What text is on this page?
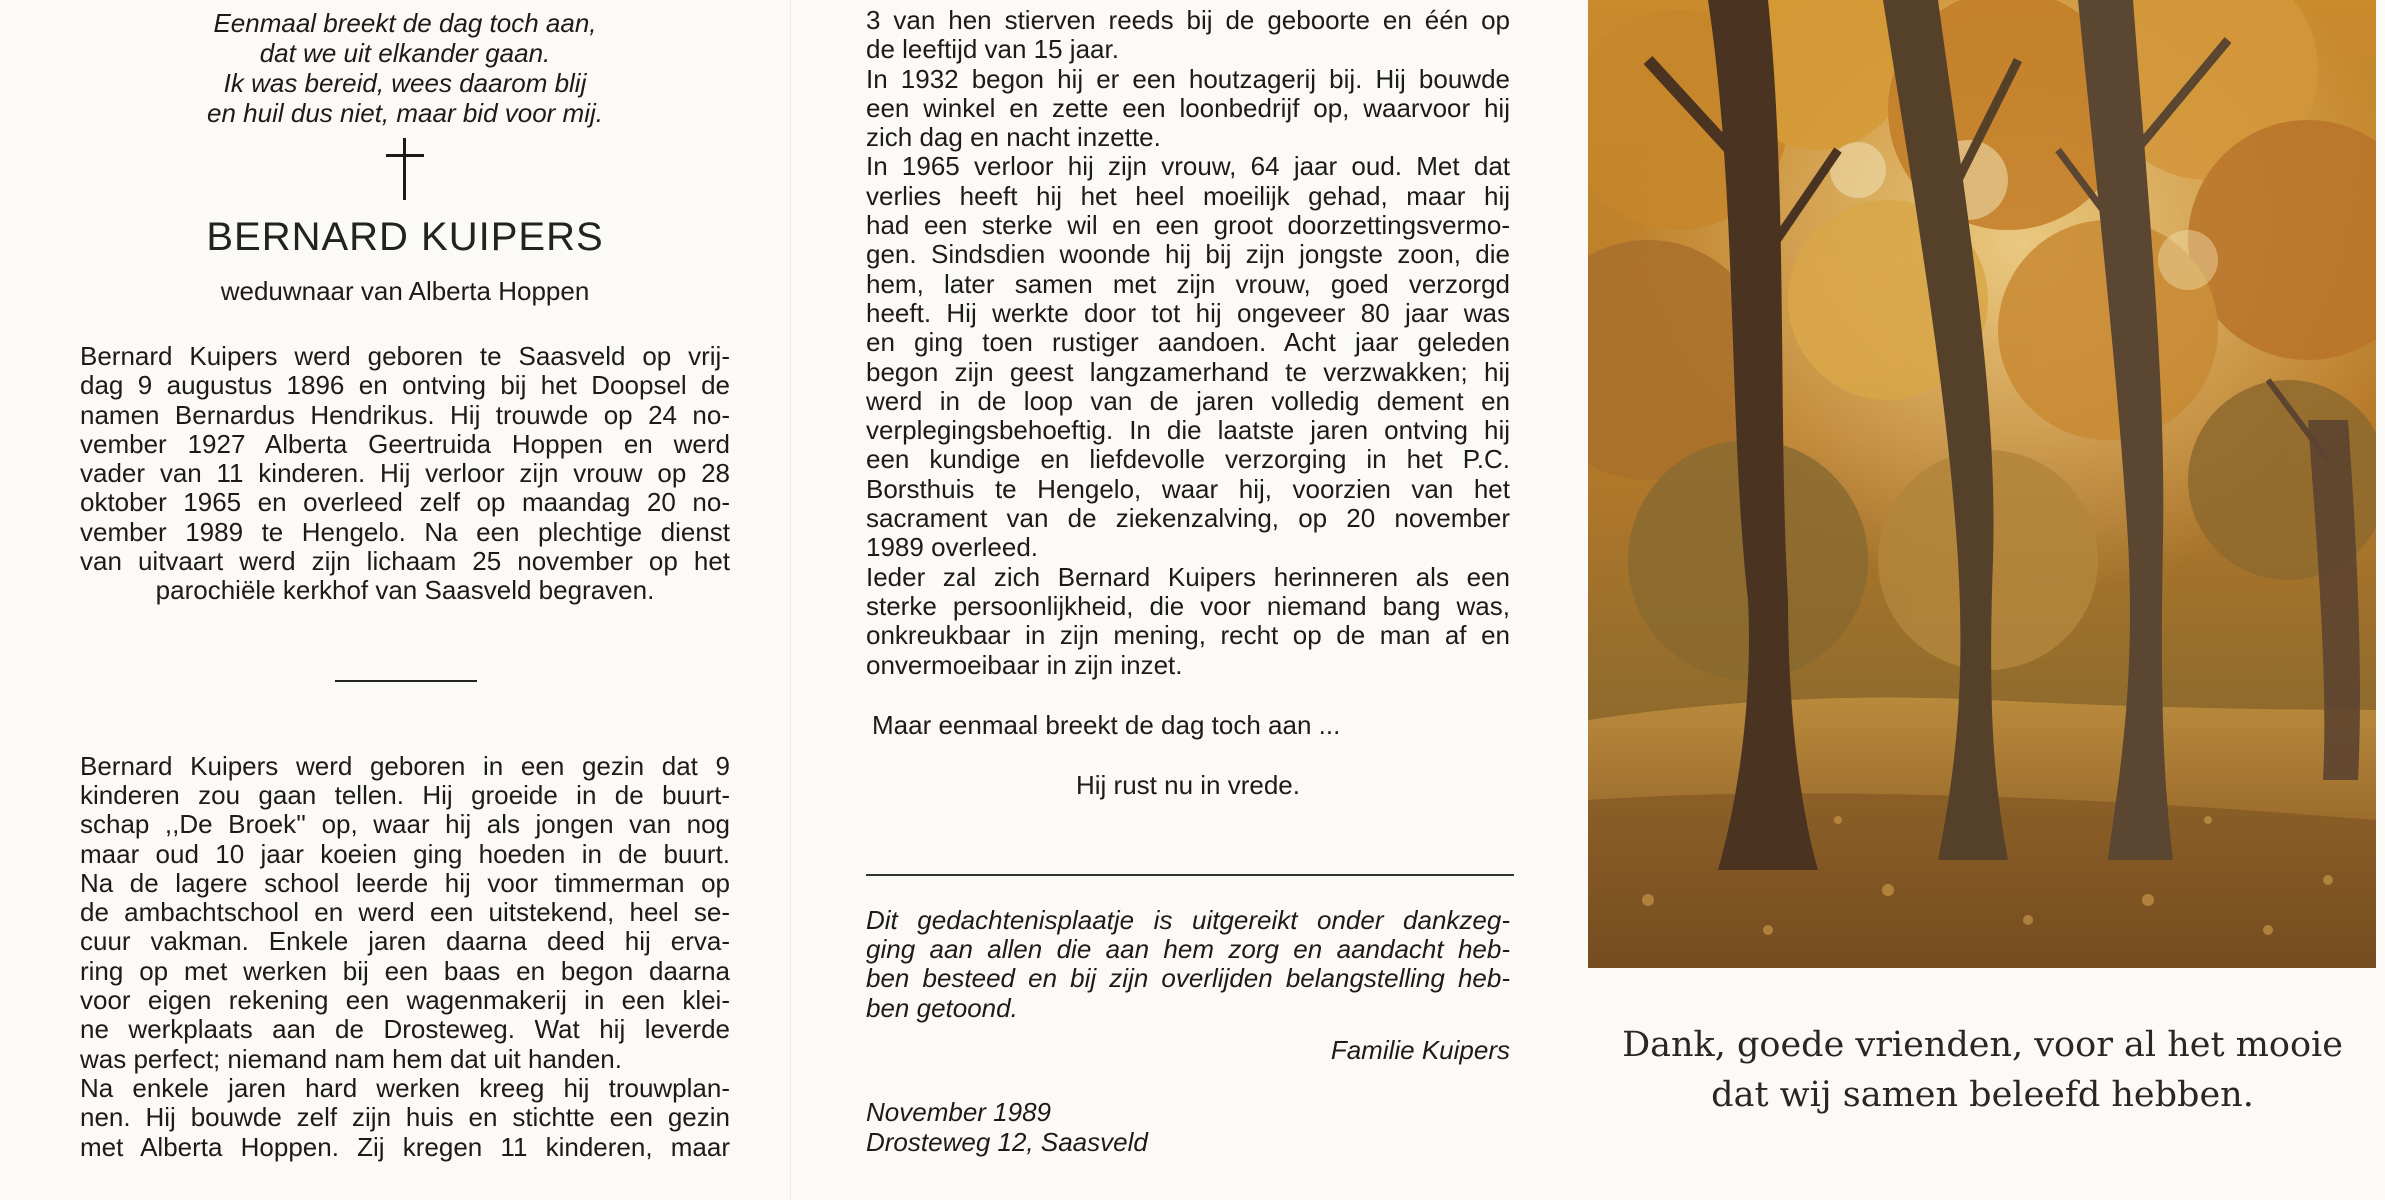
Eenmaal breekt de dag toch aan,
dat we uit elkander gaan.
Ik was bereid, wees daarom blij
en huil dus niet, maar bid voor mij.
BERNARD KUIPERS
weduwnaar van Alberta Hoppen
Bernard Kuipers werd geboren te Saasveld op vrij-
dag 9 augustus 1896 en ontving bij het Doopsel de
namen Bernardus Hendrikus. Hij trouwde op 24 no-
vember 1927 Alberta Geertruida Hoppen en werd
vader van 11 kinderen. Hij verloor zijn vrouw op 28
oktober 1965 en overleed zelf op maandag 20 no-
vember 1989 te Hengelo. Na een plechtige dienst
van uitvaart werd zijn lichaam 25 november op het
parochiële kerkhof van Saasveld begraven.
Bernard Kuipers werd geboren in een gezin dat 9
kinderen zou gaan tellen. Hij groeide in de buurt-
schap ,,De Broek'' op, waar hij als jongen van nog
maar oud 10 jaar koeien ging hoeden in de buurt.
Na de lagere school leerde hij voor timmerman op
de ambachtschool en werd een uitstekend, heel se-
cuur vakman. Enkele jaren daarna deed hij erva-
ring op met werken bij een baas en begon daarna
voor eigen rekening een wagenmakerij in een klei-
ne werkplaats aan de Drosteweg. Wat hij leverde
was perfect; niemand nam hem dat uit handen.
Na enkele jaren hard werken kreeg hij trouwplan-
nen. Hij bouwde zelf zijn huis en stichtte een gezin
met Alberta Hoppen. Zij kregen 11 kinderen, maar
3 van hen stierven reeds bij de geboorte en één op
de leeftijd van 15 jaar.
In 1932 begon hij er een houtzagerij bij. Hij bouwde
een winkel en zette een loonbedrijf op, waarvoor hij
zich dag en nacht inzette.
In 1965 verloor hij zijn vrouw, 64 jaar oud. Met dat
verlies heeft hij het heel moeilijk gehad, maar hij
had een sterke wil en een groot doorzettingsvermo-
gen. Sindsdien woonde hij bij zijn jongste zoon, die
hem, later samen met zijn vrouw, goed verzorgd
heeft. Hij werkte door tot hij ongeveer 80 jaar was
en ging toen rustiger aandoen. Acht jaar geleden
begon zijn geest langzamerhand te verzwakken; hij
werd in de loop van de jaren volledig dement en
verplegingsbehoeftig. In die laatste jaren ontving hij
een kundige en liefdevolle verzorging in het P.C.
Borsthuis te Hengelo, waar hij, voorzien van het
sacrament van de ziekenzalving, op 20 november
1989 overleed.
Ieder zal zich Bernard Kuipers herinneren als een
sterke persoonlijkheid, die voor niemand bang was,
onkreukbaar in zijn mening, recht op de man af en
onvermoeibaar in zijn inzet.
Maar eenmaal breekt de dag toch aan ...
Hij rust nu in vrede.
Dit gedachtenisplaatje is uitgereikt onder dankzeg-
ging aan allen die aan hem zorg en aandacht heb-
ben besteed en bij zijn overlijden belangstelling heb-
ben getoond.
Familie Kuipers
November 1989
Drosteweg 12, Saasveld
Dank, goede vrienden, voor al het mooie
dat wij samen beleefd hebben.
